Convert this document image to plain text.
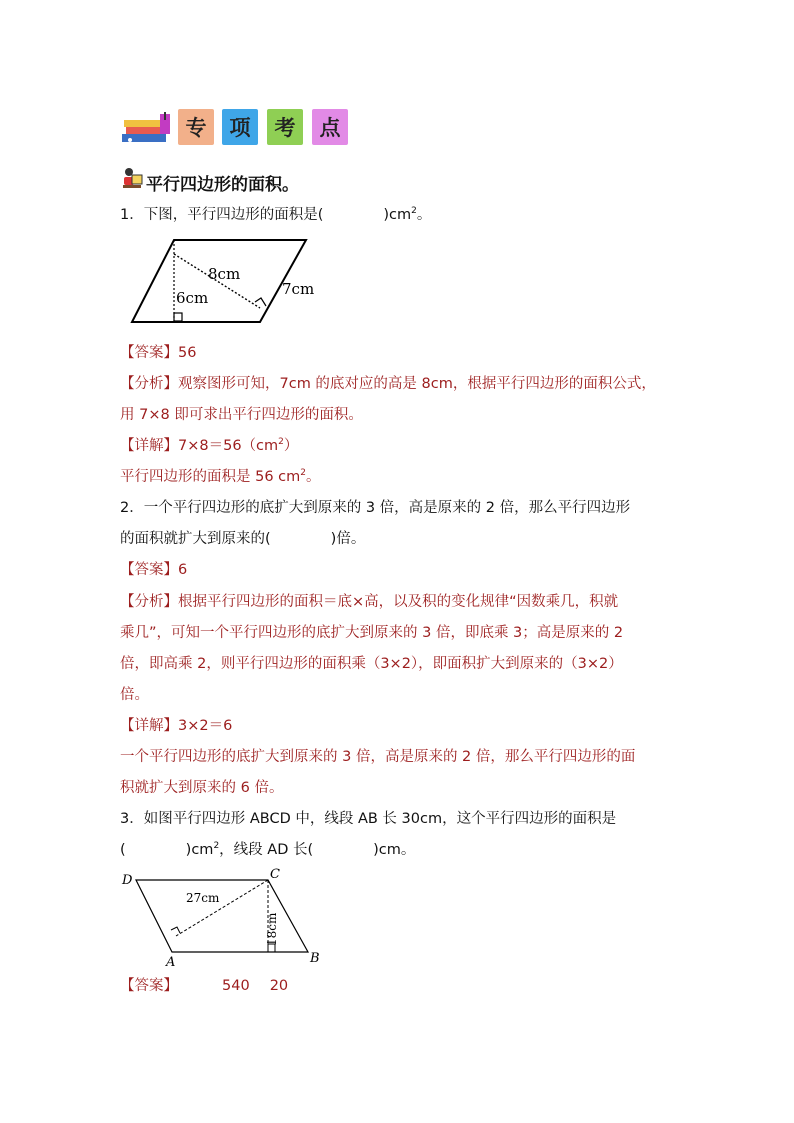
专 项 考 点
平行四边形的面积。
1．下图，平行四边形的面积是(	)$cm^2$。
8cm
7cm
6cm
【答案】56
【分析】观察图形可知，7cm 的底对应的高是 8cm，根据平行四边形的面积公式，
用 7×8 即可求出平行四边形的面积。
【详解】$7\times 8=56(cm^2)$
平行四边形的面积是 56 $cm^2$。
2．一个平行四边形的底扩大到原来的 3 倍，高是原来的 2 倍，那么平行四边形
的面积就扩大到原来的(	)倍。
【答案】6
【分析】根据平行四边形的面积＝底×高，以及积的变化规律“因数乘几，积就
乘几”，可知一个平行四边形的底扩大到原来的 3 倍，即底乘 3；高是原来的 2
倍，即高乘 2，则平行四边形的面积乘（3×2），即面积扩大到原来的（3×2）
倍。
【详解】3×2＝6
一个平行四边形的底扩大到原来的 3 倍，高是原来的 2 倍，那么平行四边形的面
积就扩大到原来的 6 倍。
3．如图平行四边形 ABCD 中，线段 AB 长 30cm，这个平行四边形的面积是
(	)$cm^2$，线段 AD 长(	)cm。
D	C
A	B
27cm
18cm
【答案】	540 20
